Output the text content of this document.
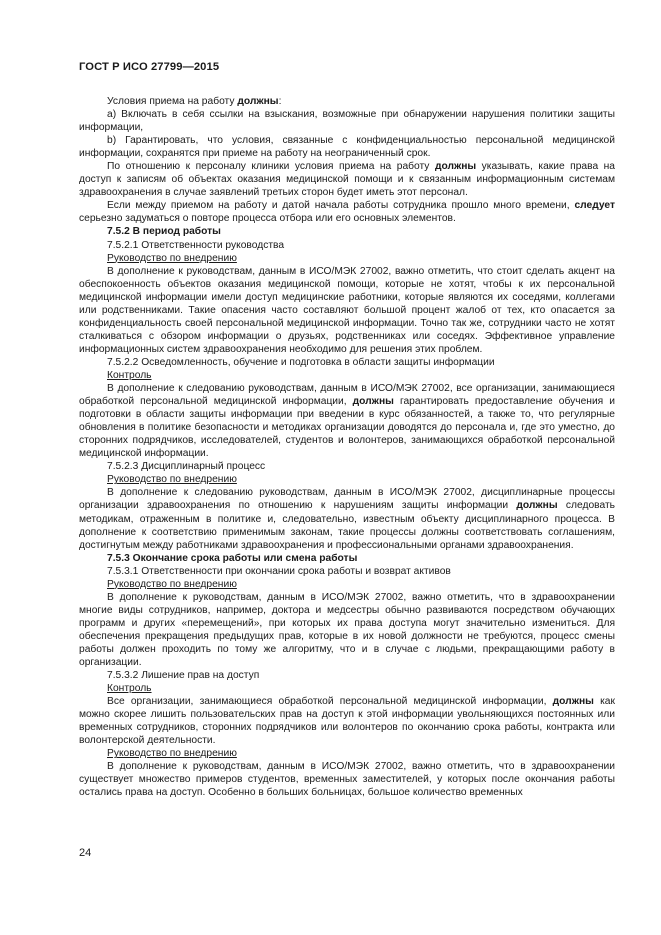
ГОСТ Р ИСО 27799—2015

Условия приема на работу должны:

а) Включать в себя ссылки на взыскания, возможные при обнаружении нарушения политики защиты информации,

b) Гарантировать, что условия, связанные с конфиденциальностью персональной медицинской информации, сохранятся при приеме на работу на неограниченный срок.

По отношению к персоналу клиники условия приема на работу должны указывать, какие права на доступ к записям об объектах оказания медицинской помощи и к связанным информационным системам здравоохранения в случае заявлений третьих сторон будет иметь этот персонал.

Если между приемом на работу и датой начала работы сотрудника прошло много времени, следует серьезно задуматься о повторе процесса отбора или его основных элементов.

7.5.2 В период работы

7.5.2.1 Ответственности руководства

Руководство по внедрению

В дополнение к руководствам, данным в ИСО/МЭК 27002, важно отметить, что стоит сделать акцент на обеспокоенность объектов оказания медицинской помощи, которые не хотят, чтобы к их персональной медицинской информации имели доступ медицинские работники, которые являются их соседями, коллегами или родственниками. Такие опасения часто составляют большой процент жалоб от тех, кто опасается за конфиденциальность своей персональной медицинской информации. Точно так же, сотрудники часто не хотят сталкиваться с обзором информации о друзьях, родственниках или соседях. Эффективное управление информационных систем здравоохранения необходимо для решения этих проблем.

7.5.2.2 Осведомленность, обучение и подготовка в области защиты информации

Контроль

В дополнение к следованию руководствам, данным в ИСО/МЭК 27002, все организации, занимающиеся обработкой персональной медицинской информации, должны гарантировать предоставление обучения и подготовки в области защиты информации при введении в курс обязанностей, а также то, что регулярные обновления в политике безопасности и методиках организации доводятся до персонала и, где это уместно, до сторонних подрядчиков, исследователей, студентов и волонтеров, занимающихся обработкой персональной медицинской информации.

7.5.2.3 Дисциплинарный процесс

Руководство по внедрению

В дополнение к следованию руководствам, данным в ИСО/МЭК 27002, дисциплинарные процессы организации здравоохранения по отношению к нарушениям защиты информации должны следовать методикам, отраженным в политике и, следовательно, известным объекту дисциплинарного процесса. В дополнение к соответствию применимым законам, такие процессы должны соответствовать соглашениям, достигнутым между работниками здравоохранения и профессиональными органами здравоохранения.

7.5.3 Окончание срока работы или смена работы

7.5.3.1 Ответственности при окончании срока работы и возврат активов

Руководство по внедрению

В дополнение к руководствам, данным в ИСО/МЭК 27002, важно отметить, что в здравоохранении многие виды сотрудников, например, доктора и медсестры обычно развиваются посредством обучающих программ и других «перемещений», при которых их права доступа могут значительно измениться. Для обеспечения прекращения предыдущих прав, которые в их новой должности не требуются, процесс смены работы должен проходить по тому же алгоритму, что и в случае с людьми, прекращающими работу в организации.

7.5.3.2 Лишение прав на доступ

Контроль

Все организации, занимающиеся обработкой персональной медицинской информации, должны как можно скорее лишить пользовательских прав на доступ к этой информации увольняющихся постоянных или временных сотрудников, сторонних подрядчиков или волонтеров по окончанию срока работы, контракта или волонтерской деятельности.

Руководство по внедрению

В дополнение к руководствам, данным в ИСО/МЭК 27002, важно отметить, что в здравоохранении существует множество примеров студентов, временных заместителей, у которых после окончания работы остались права на доступ. Особенно в больших больницах, большое количество временных

24
